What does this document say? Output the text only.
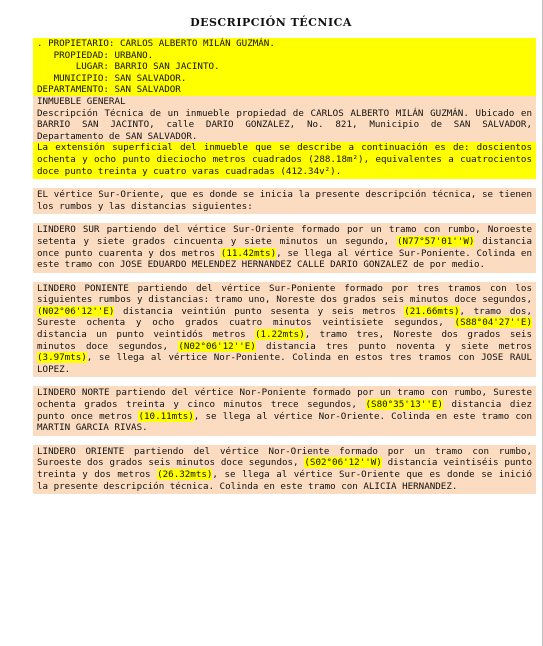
DESCRIPCIÓN TÉCNICA
. PROPIETARIO: CARLOS ALBERTO MILÁN GUZMÁN.
PROPIEDAD: URBANO.
LUGAR: BARRIO SAN JACINTO.
MUNICIPIO: SAN SALVADOR.
DEPARTAMENTO: SAN SALVADOR
INMUEBLE GENERAL
Descripción Técnica de un inmueble propiedad de CARLOS ALBERTO MILÁN GUZMÁN. Ubicado en BARRIO SAN JACINTO, calle DARIO GONZALEZ, No. 821, Municipio de SAN SALVADOR, Departamento de SAN SALVADOR.
La extensión superficial del inmueble que se describe a continuación es de: doscientos ochenta y ocho punto dieciocho metros cuadrados (288.18m²), equivalentes a cuatrocientos doce punto treinta y cuatro varas cuadradas (412.34v²).
EL vértice Sur-Oriente, que es donde se inicia la presente descripción técnica, se tienen los rumbos y las distancias siguientes:
LINDERO SUR partiendo del vértice Sur-Oriente formado por un tramo con rumbo, Noroeste setenta y siete grados cincuenta y siete minutos un segundo, (N77°57'01''W) distancia once punto cuarenta y dos metros (11.42mts), se llega al vértice Sur-Poniente. Colinda en este tramo con JOSE EDUARDO MELENDEZ HERNANDEZ CALLE DARIO GONZALEZ de por medio.
LINDERO PONIENTE partiendo del vértice Sur-Poniente formado por tres tramos con los siguientes rumbos y distancias: tramo uno, Noreste dos grados seis minutos doce segundos, (N02°06'12''E) distancia veintiún punto sesenta y seis metros (21.66mts), tramo dos, Sureste ochenta y ocho grados cuatro minutos veintisiete segundos, (S88°04'27''E) distancia un punto veintidós metros (1.22mts), tramo tres, Noreste dos grados seis minutos doce segundos, (N02°06'12''E) distancia tres punto noventa y siete metros (3.97mts), se llega al vértice Nor-Poniente. Colinda en estos tres tramos con JOSE RAUL LOPEZ.
LINDERO NORTE partiendo del vértice Nor-Poniente formado por un tramo con rumbo, Sureste ochenta grados treinta y cinco minutos trece segundos, (S80°35'13''E) distancia diez punto once metros (10.11mts), se llega al vértice Nor-Oriente. Colinda en este tramo con MARTIN GARCIA RIVAS.
LINDERO ORIENTE partiendo del vértice Nor-Oriente formado por un tramo con rumbo, Suroeste dos grados seis minutos doce segundos, (S02°06'12''W) distancia veintiséis punto treinta y dos metros (26.32mts), se llega al vértice Sur-Oriente que es donde se inició la presente descripción técnica. Colinda en este tramo con ALICIA HERNANDEZ.
